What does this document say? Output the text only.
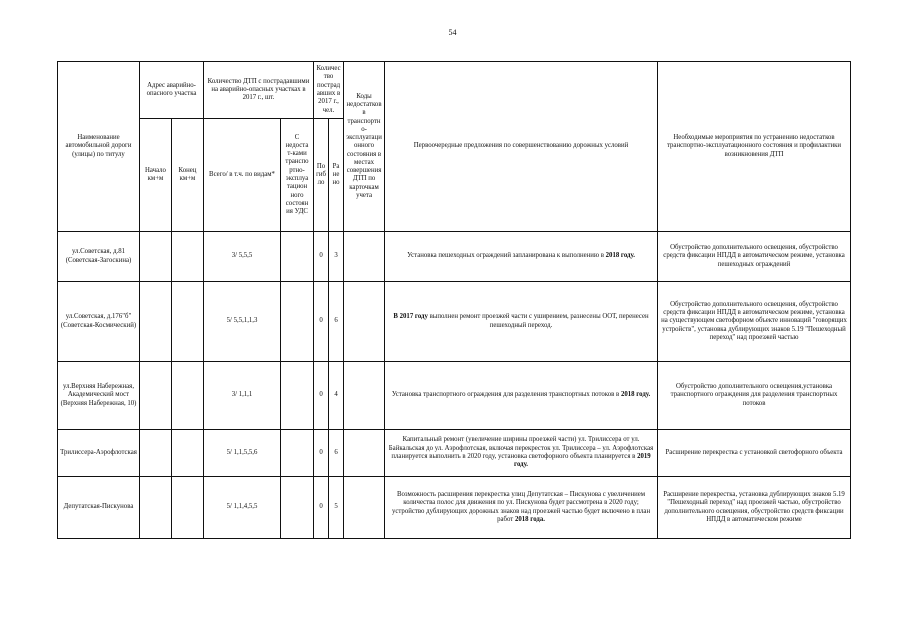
54
Наименование автомобильной дороги (улицы) по титулу	Адрес аварийно-опасного участка		Количество ДТП с пострадавшими на аварийно-опасных участках в 2017 г., шт.		Количество пострадавших в 2017 г., чел.		Коды недостатков в транспортно-эксплуатационного состояния в местах совершения ДТП по карточкам учета	Первоочередные предложения по совершенствованию дорожных условий	Необходимые мероприятия по устранению недостатков транспортно-эксплуатационного состояния и профилактики возникновения ДТП
	Начало км+м	Конец км+м	Всего/ в т.ч. по видам*	С недоста т-ками транспо ртно-эксплуа тацион ного состоян ия УДС	Погибло	Ранено			
ул.Советская, д.81 (Советская-Загоскина)			3/ 5,5,5		0	3		Установка пешеходных ограждений запланирована к выполнению в 2018 году.	Обустройство дополнительного освещения, обустройство средств фиксации НПДД в автоматическом режиме, установка пешеходных ограждений
ул.Советская, д.176"б" (Советская-Космический)			5/ 5,5,1,1,3		0	6		В 2017 году выполнен ремонт проезжей части с уширением, разнесены ООТ, перенесен пешеходный переход.	Обустройство дополнительного освещения, обустройство средств фиксации НПДД в автоматическом режиме, установка на существующем светофорном объекте инноваций "говорящих устройств", установка дублирующих знаков 5.19 "Пешеходный переход" над проезжей частью
ул.Верхняя Набережная, Академический мост (Верхняя Набережная, 10)			3/ 1,1,1		0	4		Установка транспортного ограждения для разделения транспортных потоков в 2018 году.	Обустройство дополнительного освещения,установка транспортного ограждения для разделения транспортных потоков
Трилиссера-Аэрофлотская			5/ 1,1,5,5,6		0	6		Капитальный ремонт (увеличение ширины проезжей части) ул. Трилиссера от ул. Байкальская до ул. Аэрофлотская, включая перекресток ул. Трилиссера – ул. Аэрофлотская планируется выполнить в 2020 году, установка светофорного объекта планируется в 2019 году.	Расширение перекрестка с установкой светофорного объекта
Депутатская-Пискунова			5/ 1,1,4,5,5		0	5		Возможность расширения перекрестка улиц Депутатская – Пискунова с увеличением количества полос для движения по ул. Пискунова будет рассмотрена в 2020 году; устройство дублирующих дорожных знаков над проезжей частью будет включено в план работ 2018 года.	Расширение перекрестка, установка дублирующих знаков 5.19 "Пешеходный переход" над проезжей частью, обустройство дополнительного освещения, обустройство средств фиксации НПДД в автоматическом режиме
